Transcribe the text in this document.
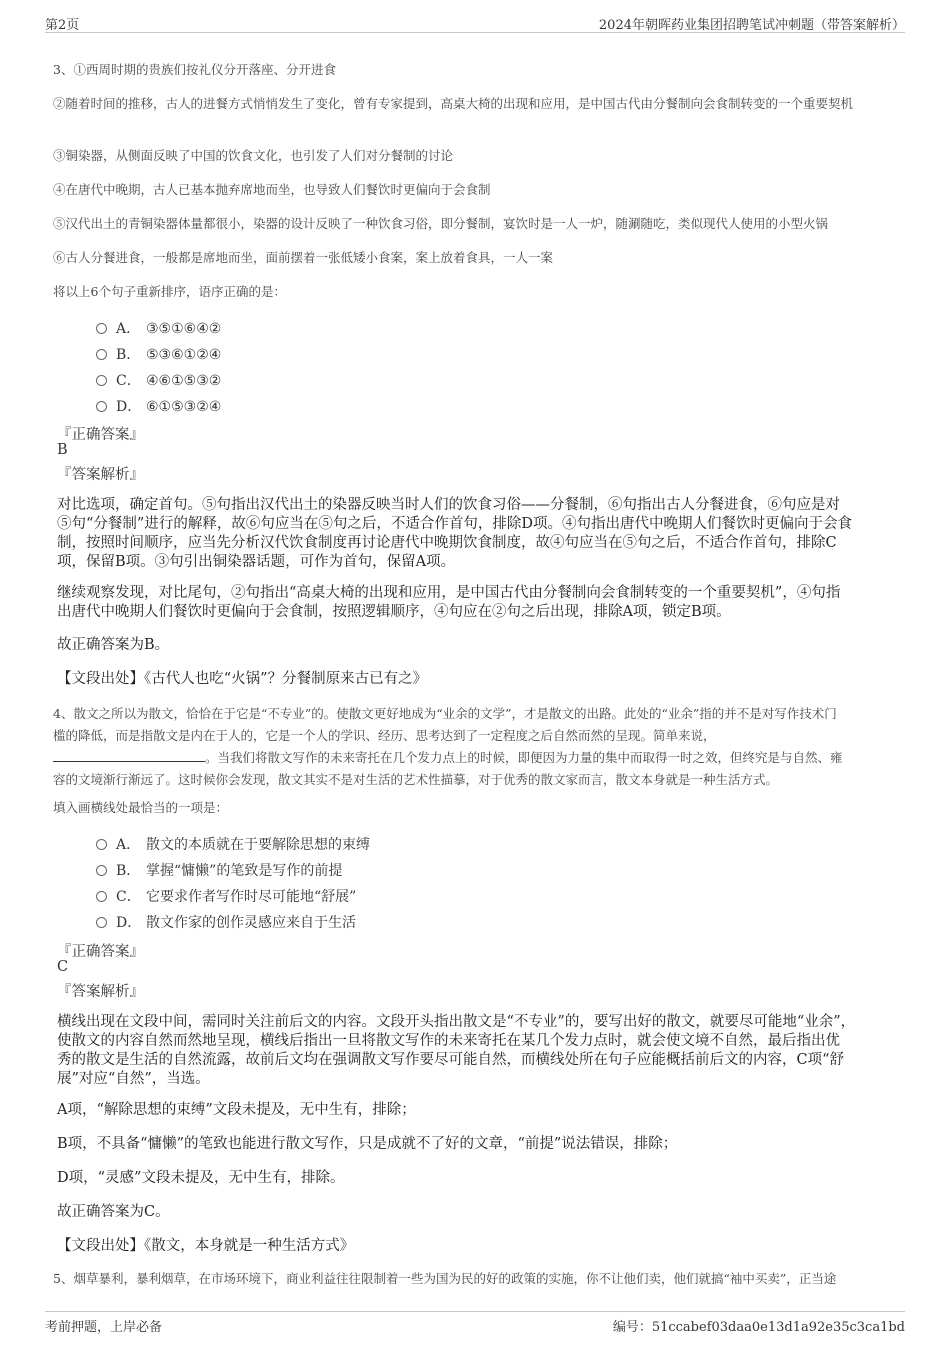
第2页	2024年朝晖药业集团招聘笔试冲刺题（带答案解析）
3、①西周时期的贵族们按礼仪分开落座、分开进食
②随着时间的推移，古人的进餐方式悄悄发生了变化，曾有专家提到，高桌大椅的出现和应用，是中国古代由分餐制向会食制转变的一个重要契机
③铜染器，从侧面反映了中国的饮食文化，也引发了人们对分餐制的讨论
④在唐代中晚期，古人已基本抛弃席地而坐，也导致人们餐饮时更偏向于会食制
⑤汉代出土的青铜染器体量都很小，染器的设计反映了一种饮食习俗，即分餐制，宴饮时是一人一炉，随涮随吃，类似现代人使用的小型火锅
⑥古人分餐进食，一般都是席地而坐，面前摆着一张低矮小食案，案上放着食具，一人一案
将以上6个句子重新排序，语序正确的是：
A． ③⑤①⑥④②
B． ⑤③⑥①②④
C． ④⑥①⑤③②
D． ⑥①⑤③②④
『正确答案』
B
『答案解析』
对比选项，确定首句。⑤句指出汉代出土的染器反映当时人们的饮食习俗——分餐制，⑥句指出古人分餐进食，⑥句应是对
⑤句“分餐制”进行的解释，故⑥句应当在⑤句之后，不适合作首句，排除D项。④句指出唐代中晚期人们餐饮时更偏向于会食
制，按照时间顺序，应当先分析汉代饮食制度再讨论唐代中晚期饮食制度，故④句应当在⑤句之后，不适合作首句，排除C
项，保留B项。③句引出铜染器话题，可作为首句，保留A项。
继续观察发现，对比尾句，②句指出“高桌大椅的出现和应用，是中国古代由分餐制向会食制转变的一个重要契机”，④句指
出唐代中晚期人们餐饮时更偏向于会食制，按照逻辑顺序，④句应在②句之后出现，排除A项，锁定B项。
故正确答案为B。
【文段出处】《古代人也吃“火锅”？分餐制原来古已有之》
4、散文之所以为散文，恰恰在于它是“不专业”的。使散文更好地成为“业余的文学”，才是散文的出路。此处的“业余”指的并不是对写作技术门
槛的降低，而是指散文是内在于人的，它是一个人的学识、经历、思考达到了一定程度之后自然而然的呈现。简单来说，
。当我们将散文写作的未来寄托在几个发力点上的时候，即便因为力量的集中而取得一时之效，但终究是与自然、雍
容的文境渐行渐远了。这时候你会发现，散文其实不是对生活的艺术性描摹，对于优秀的散文家而言，散文本身就是一种生活方式。
填入画横线处最恰当的一项是：
A． 散文的本质就在于要解除思想的束缚
B． 掌握“慵懒”的笔致是写作的前提
C． 它要求作者写作时尽可能地“舒展”
D． 散文作家的创作灵感应来自于生活
『正确答案』
C
『答案解析』
横线出现在文段中间，需同时关注前后文的内容。文段开头指出散文是“不专业”的，要写出好的散文，就要尽可能地“业余”，
使散文的内容自然而然地呈现，横线后指出一旦将散文写作的未来寄托在某几个发力点时，就会使文境不自然，最后指出优
秀的散文是生活的自然流露，故前后文均在强调散文写作要尽可能自然，而横线处所在句子应能概括前后文的内容，C项“舒
展”对应“自然”，当选。
A项，“解除思想的束缚”文段未提及，无中生有，排除；
B项，不具备“慵懒”的笔致也能进行散文写作，只是成就不了好的文章，“前提”说法错误，排除；
D项，“灵感”文段未提及，无中生有，排除。
故正确答案为C。
【文段出处】《散文，本身就是一种生活方式》
5、烟草暴利，暴利烟草，在市场环境下，商业利益往往限制着一些为国为民的好的政策的实施，你不让他们卖，他们就搞“袖中买卖”，正当途
考前押题，上岸必备	编号：51ccabef03daa0e13d1a92e35c3ca1bd
